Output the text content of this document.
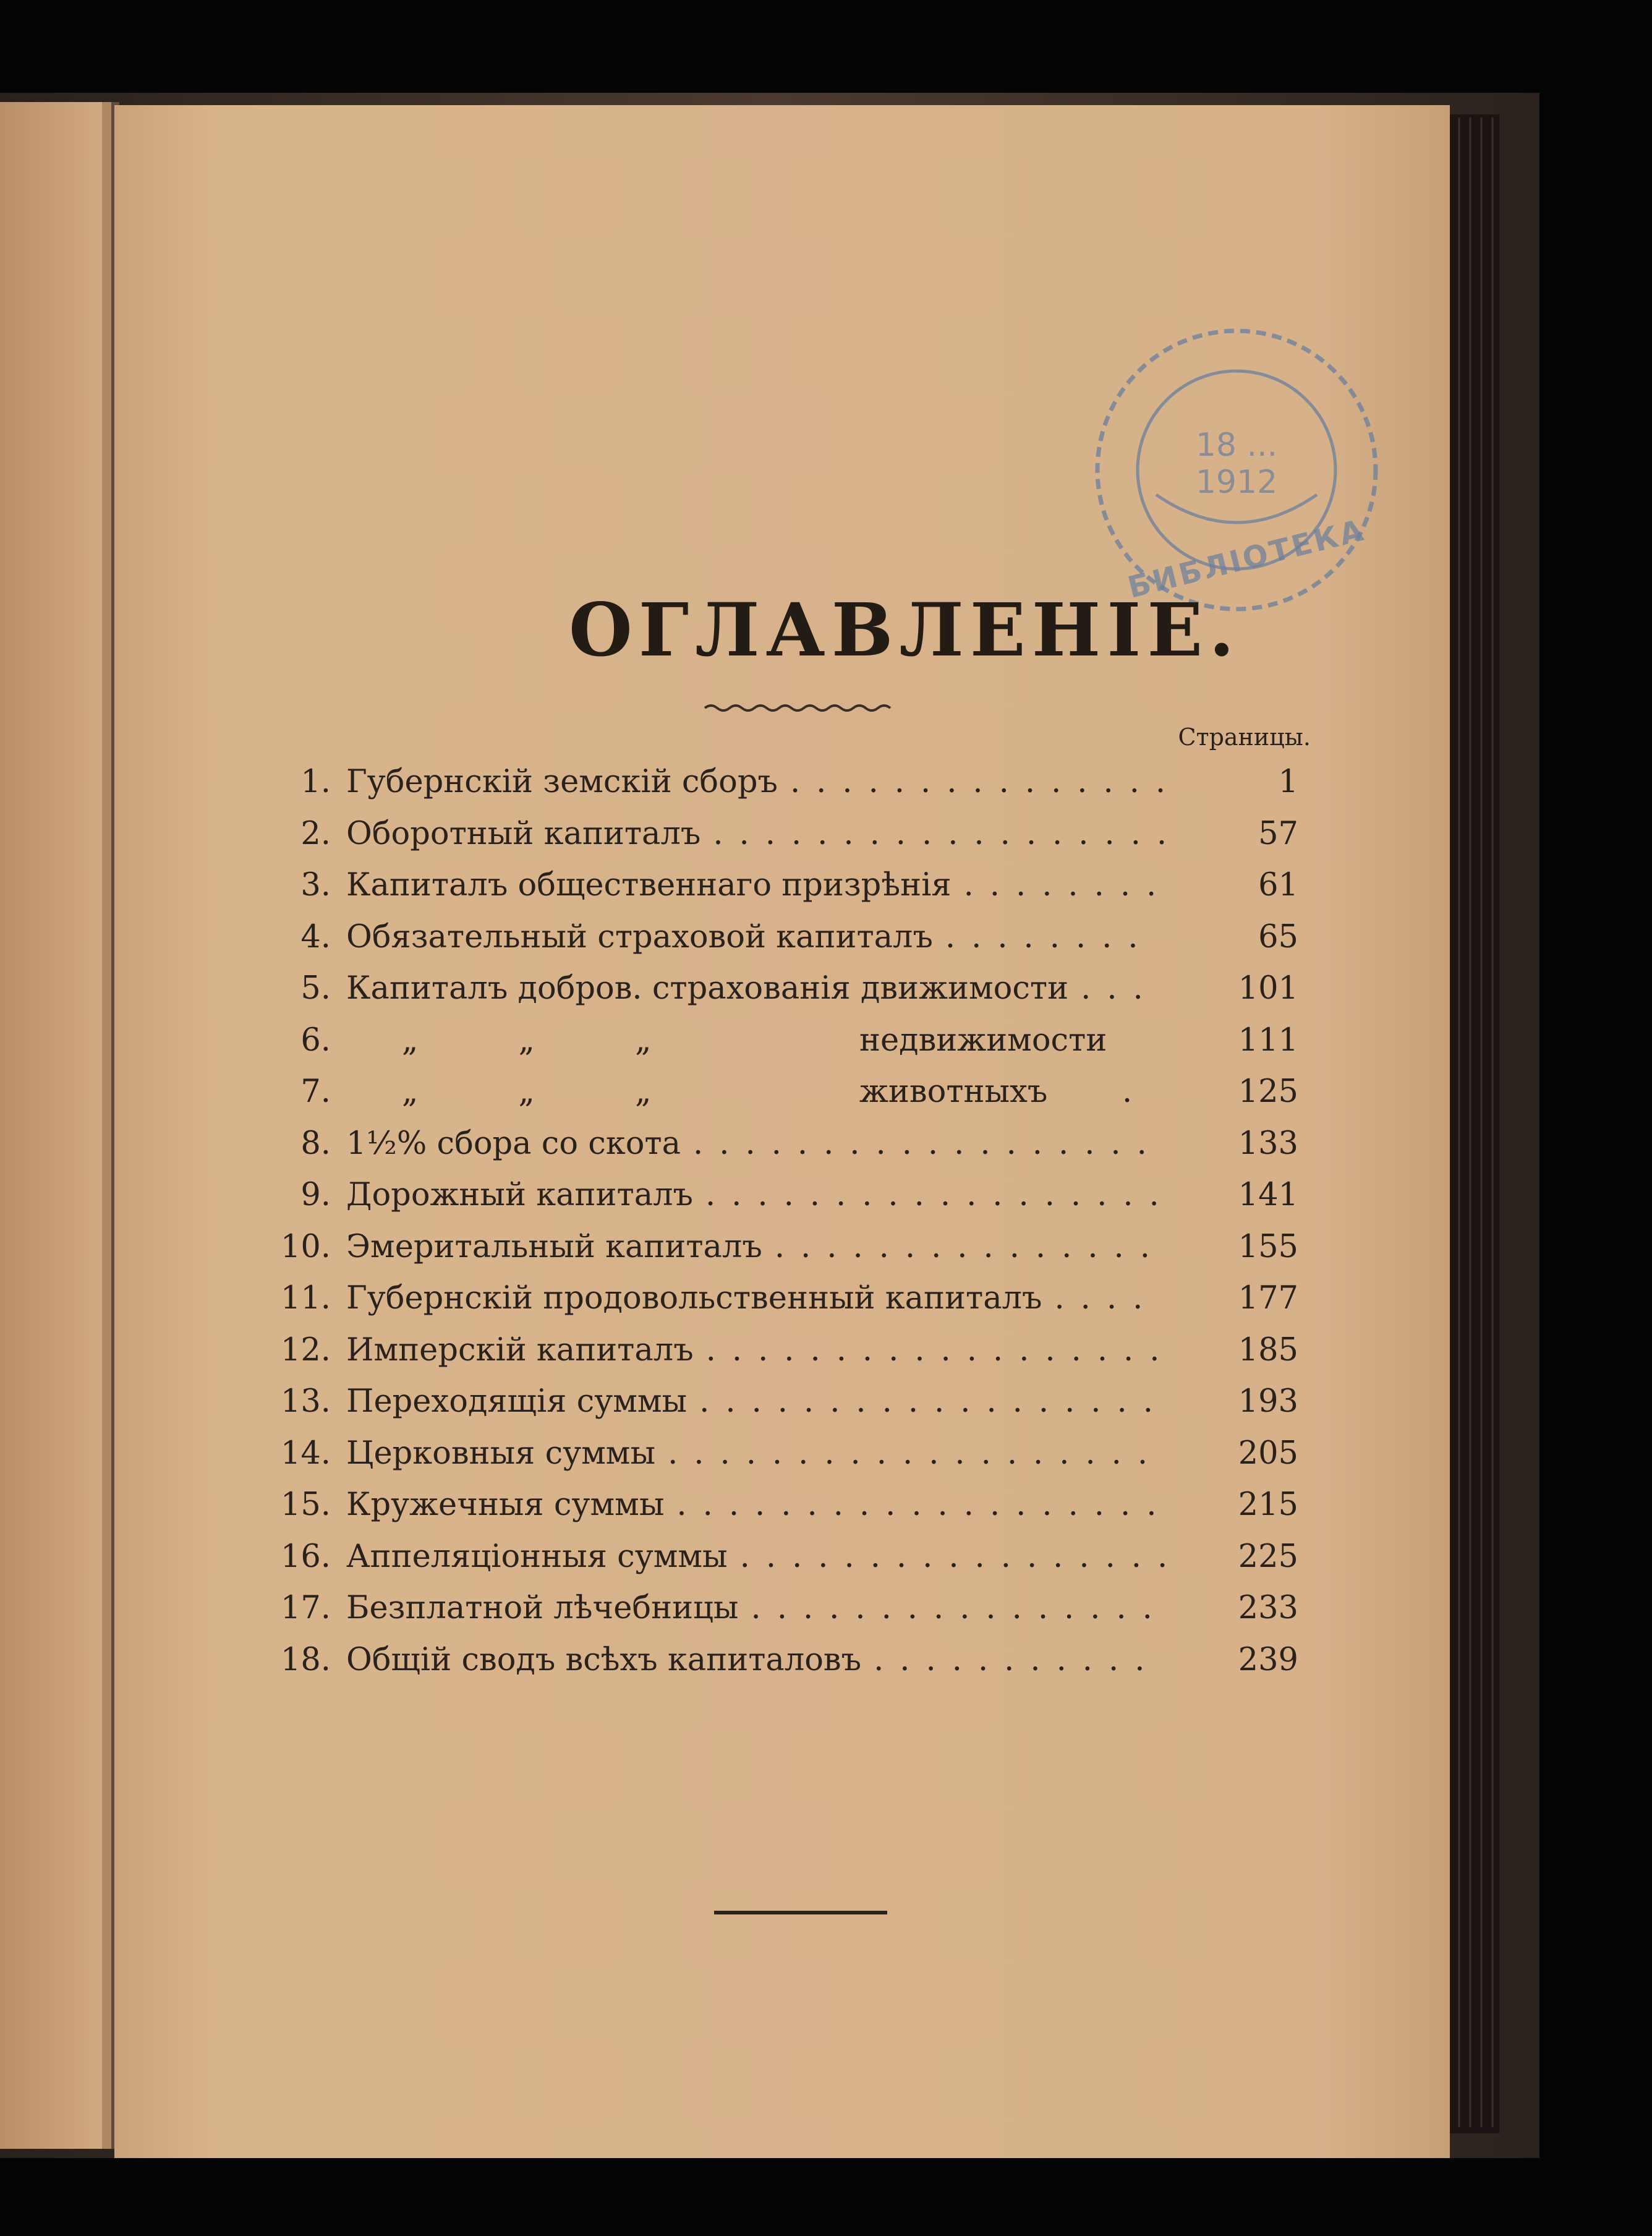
18 ... 1912
БИБЛІОТЕКА
ОГЛАВЛЕНІЕ.
Страницы.
1. Губернскій земскій сборъ ...............	1
2. Оборотный капиталъ ..................	57
3. Капиталъ общественнаго призрѣнія ........	61
4. Обязательный страховой капиталъ ........	65
5. Капиталъ добров. страхованія движимости ...	101
6. „          „          „	недвижимости	111
7. „          „          „	животныхъ .	125
8. 1½% сбора со скота ..................	133
9. Дорожный капиталъ ..................	141
10. Эмеритальный капиталъ ...............	155
11. Губернскій продовольственный капиталъ ....	177
12. Имперскій капиталъ ..................	185
13. Переходящія суммы ..................	193
14. Церковныя суммы ...................	205
15. Кружечныя суммы ...................	215
16. Аппеляціонныя суммы .................	225
17. Безплатной лѣчебницы ................	233
18. Общій сводъ всѣхъ капиталовъ ...........	239
